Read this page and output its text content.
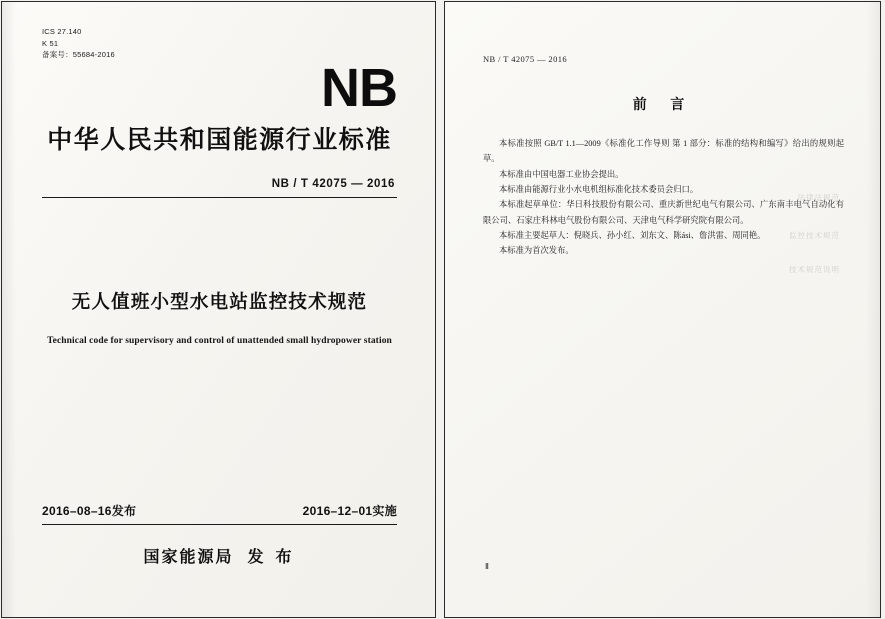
ICS 27.140
K 51
备案号：55684-2016
NB
中华人民共和国能源行业标准
NB / T 42075 — 2016
无人值班小型水电站监控技术规范
Technical code for supervisory and control of unattended small hydropower station
2016–08–16发布	2016–12–01实施
国家能源局 发 布
法律法规范
监控技术规范
技术规范说明
NB / T 42075 — 2016
前 言

本标准按照 GB/T 1.1—2009《标准化工作导则 第 1 部分：标准的结构和编写》给出的规则起草。

本标准由中国电器工业协会提出。

本标准由能源行业小水电机组标准化技术委员会归口。

本标准起草单位：华日科技股份有限公司、重庆新世纪电气有限公司、广东南丰电气自动化有限公司、石家庄科林电气股份有限公司、天津电气科学研究院有限公司。

本标准主要起草人：倪晓兵、孙小红、刘东文、陈ási、詹洪雷、周同艳。

本标准为首次发布。

Ⅱ
